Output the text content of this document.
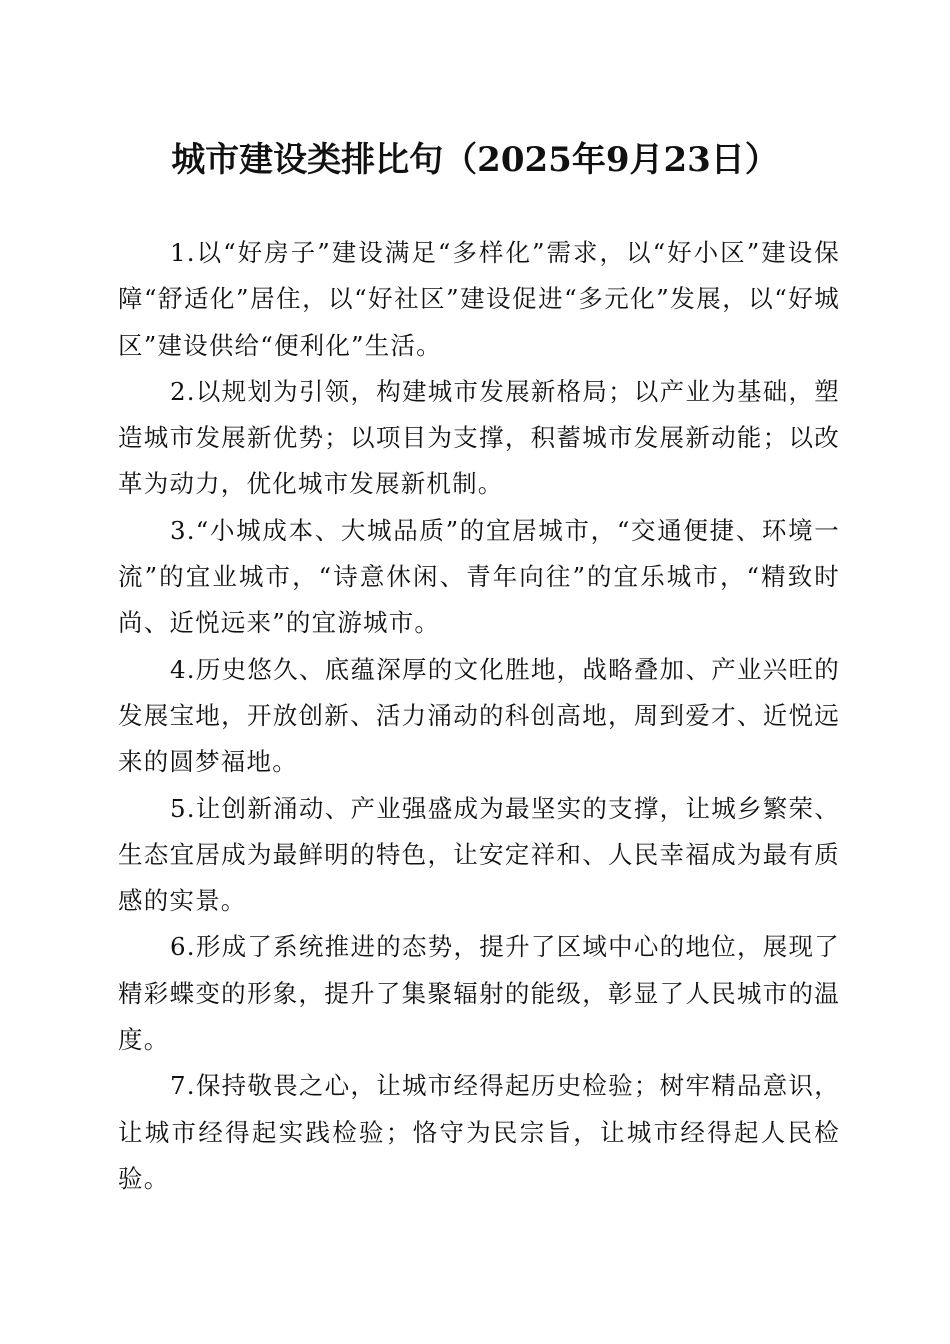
城市建设类排比句（2025年9月23日）

1.以“好房子”建设满足“多样化”需求，以“好小区”建设保障“舒适化”居住，以“好社区”建设促进“多元化”发展，以“好城区”建设供给“便利化”生活。

2.以规划为引领，构建城市发展新格局；以产业为基础，塑造城市发展新优势；以项目为支撑，积蓄城市发展新动能；以改革为动力，优化城市发展新机制。

3.“小城成本、大城品质”的宜居城市，“交通便捷、环境一流”的宜业城市，“诗意休闲、青年向往”的宜乐城市，“精致时尚、近悦远来”的宜游城市。

4.历史悠久、底蕴深厚的文化胜地，战略叠加、产业兴旺的发展宝地，开放创新、活力涌动的科创高地，周到爱才、近悦远来的圆梦福地。

5.让创新涌动、产业强盛成为最坚实的支撑，让城乡繁荣、生态宜居成为最鲜明的特色，让安定祥和、人民幸福成为最有质感的实景。

6.形成了系统推进的态势，提升了区域中心的地位，展现了精彩蝶变的形象，提升了集聚辐射的能级，彰显了人民城市的温度。

7.保持敬畏之心，让城市经得起历史检验；树牢精品意识，让城市经得起实践检验；恪守为民宗旨，让城市经得起人民检验。
